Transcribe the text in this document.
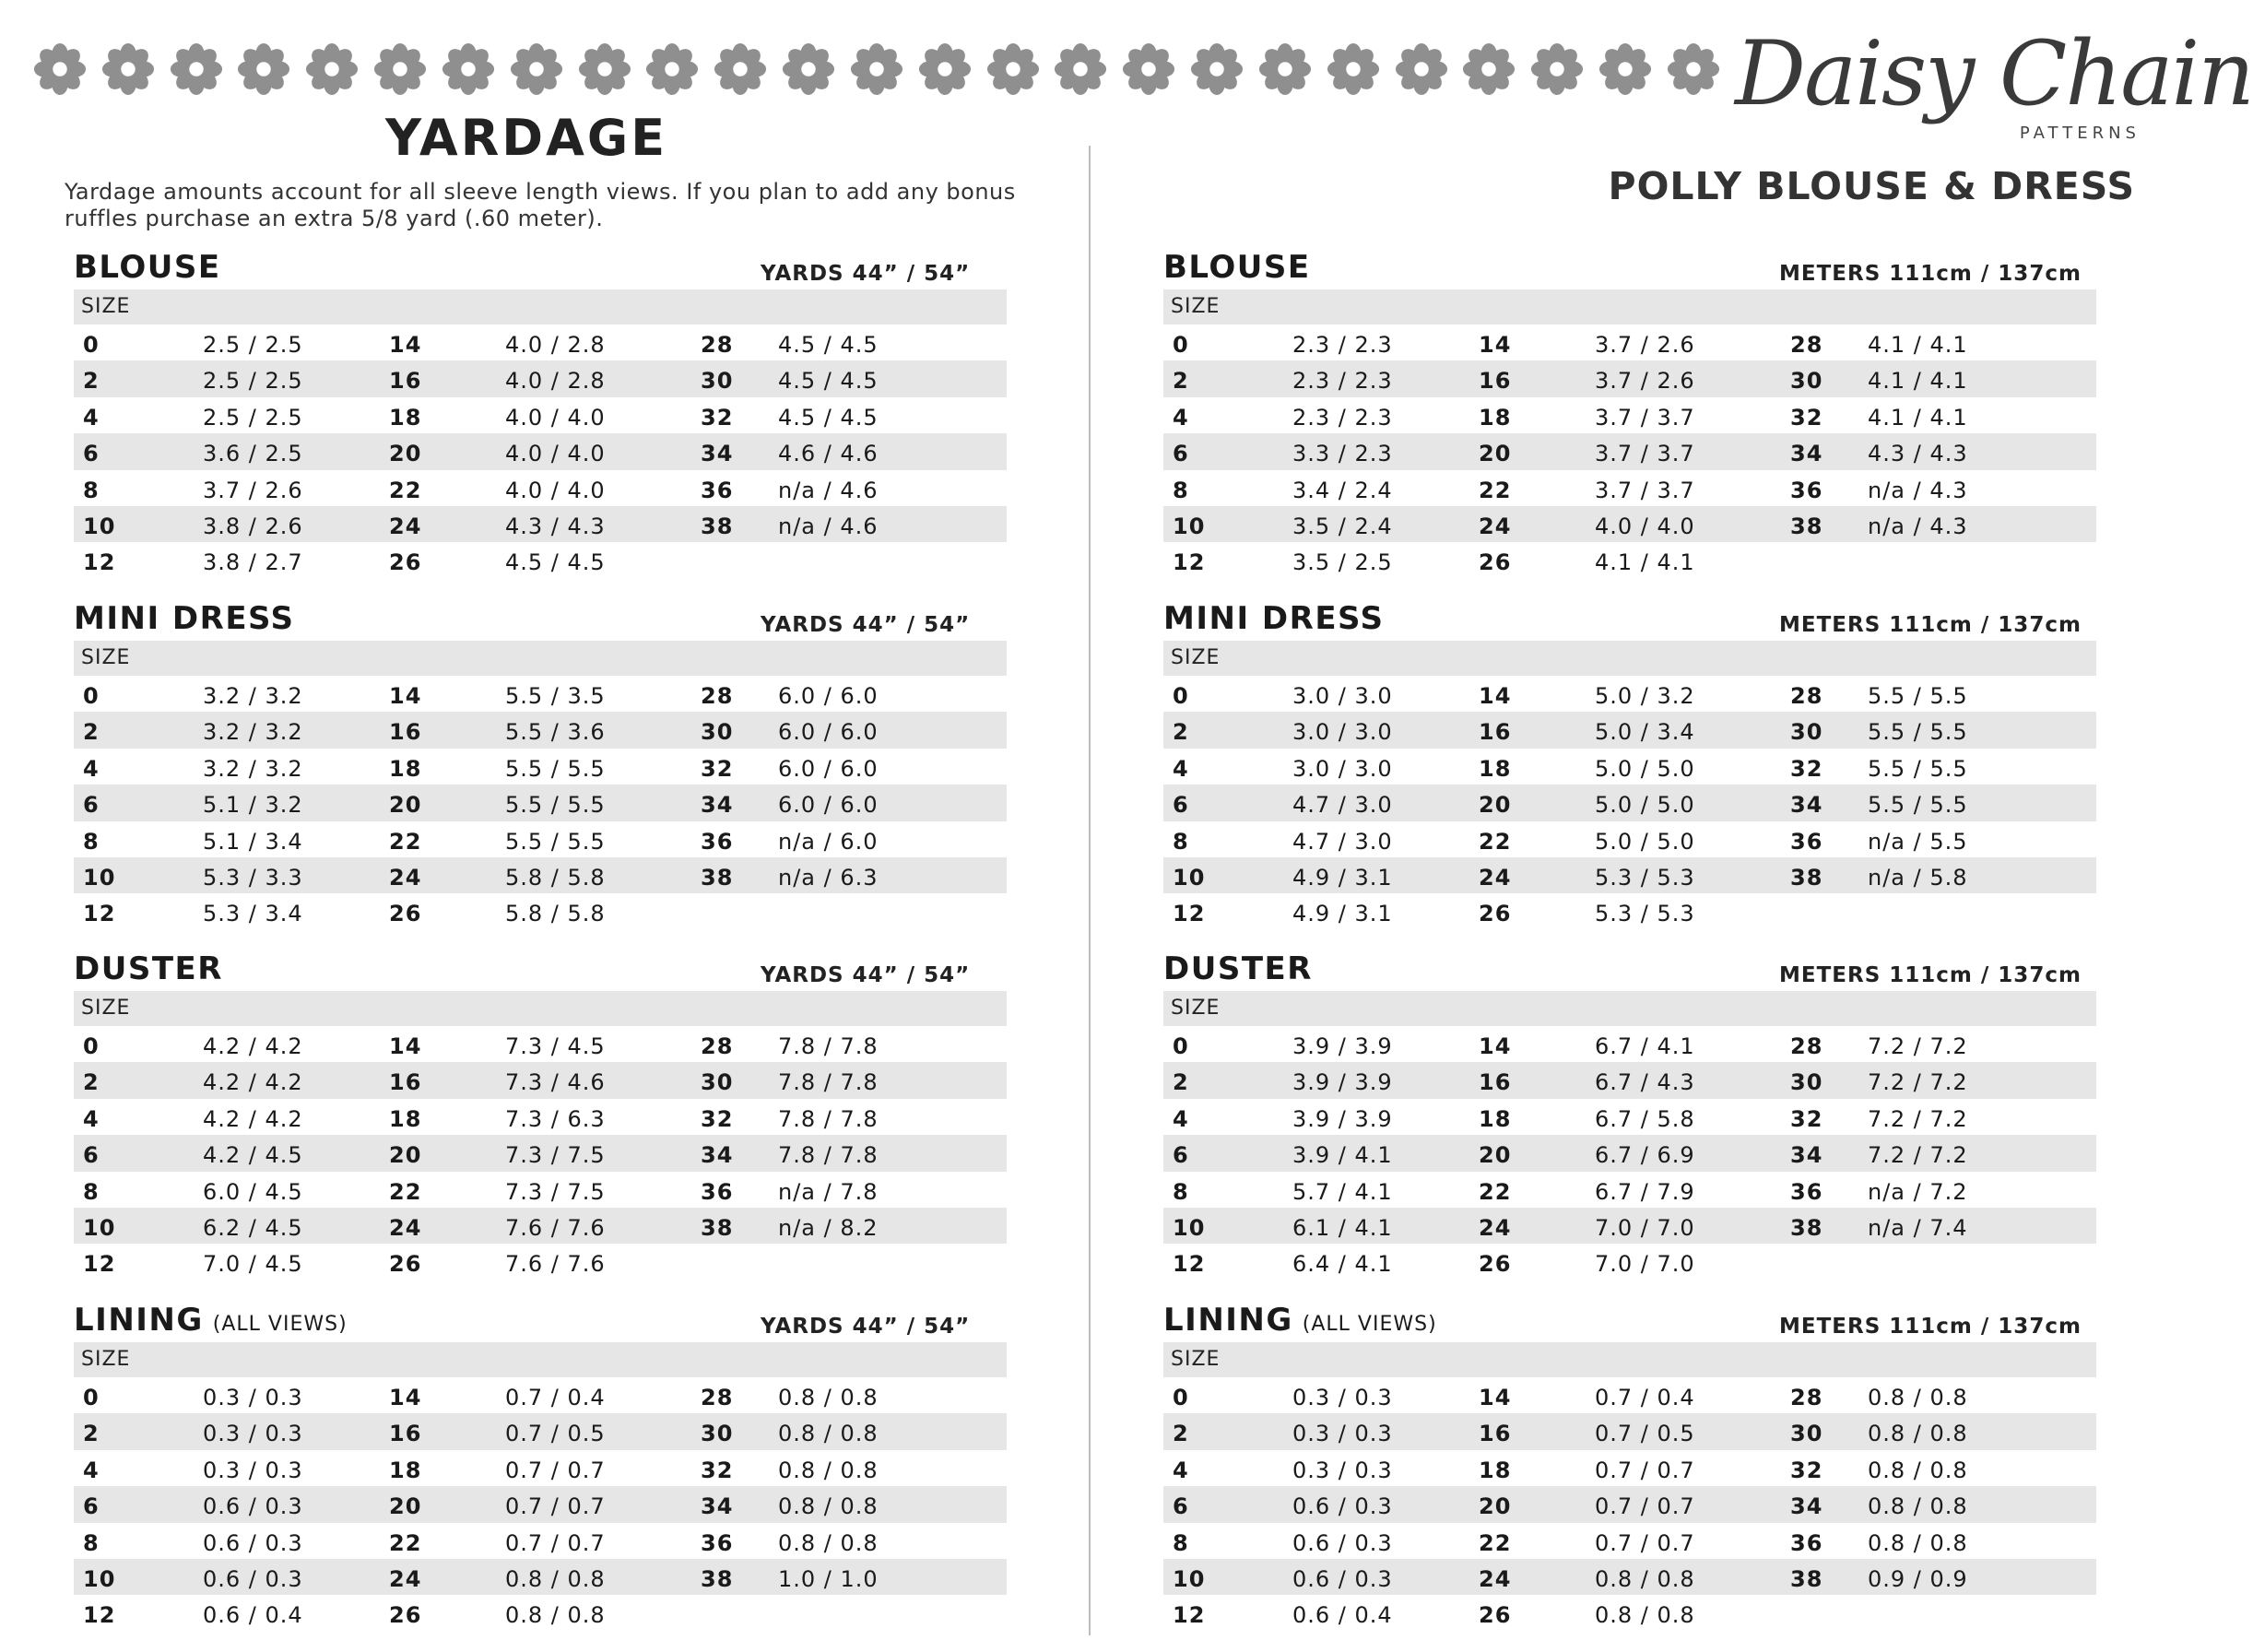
Daisy Chain
PATTERNS
YARDAGE
Yardage amounts account for all sleeve length views. If you plan to add any bonus ruffles purchase an extra 5/8 yard (.60 meter).
POLLY BLOUSE & DRESS
BLOUSE	YARDS 44” / 54”
SIZE
0	2.5 / 2.5	14	4.0 / 2.8	28 4.5 / 4.5
2	2.5 / 2.5	16	4.0 / 2.8	30 4.5 / 4.5
4	2.5 / 2.5	18	4.0 / 4.0	32 4.5 / 4.5
6	3.6 / 2.5	20	4.0 / 4.0	34 4.6 / 4.6
8	3.7 / 2.6	22	4.0 / 4.0	36 n/a / 4.6
10	3.8 / 2.6	24	4.3 / 4.3	38 n/a / 4.6
12	3.8 / 2.7	26	4.5 / 4.5
MINI DRESS	YARDS 44” / 54”
SIZE
0	3.2 / 3.2	14	5.5 / 3.5	28 6.0 / 6.0
2	3.2 / 3.2	16	5.5 / 3.6	30 6.0 / 6.0
4	3.2 / 3.2	18	5.5 / 5.5	32 6.0 / 6.0
6	5.1 / 3.2	20	5.5 / 5.5	34 6.0 / 6.0
8	5.1 / 3.4	22	5.5 / 5.5	36 n/a / 6.0
10	5.3 / 3.3	24	5.8 / 5.8	38 n/a / 6.3
12	5.3 / 3.4	26	5.8 / 5.8
DUSTER	YARDS 44” / 54”
SIZE
0	4.2 / 4.2	14	7.3 / 4.5	28 7.8 / 7.8
2	4.2 / 4.2	16	7.3 / 4.6	30 7.8 / 7.8
4	4.2 / 4.2	18	7.3 / 6.3	32 7.8 / 7.8
6	4.2 / 4.5	20	7.3 / 7.5	34 7.8 / 7.8
8	6.0 / 4.5	22	7.3 / 7.5	36 n/a / 7.8
10	6.2 / 4.5	24	7.6 / 7.6	38 n/a / 8.2
12	7.0 / 4.5	26	7.6 / 7.6
LINING (ALL VIEWS)	YARDS 44” / 54”
SIZE
0	0.3 / 0.3	14	0.7 / 0.4	28 0.8 / 0.8
2	0.3 / 0.3	16	0.7 / 0.5	30 0.8 / 0.8
4	0.3 / 0.3	18	0.7 / 0.7	32 0.8 / 0.8
6	0.6 / 0.3	20	0.7 / 0.7	34 0.8 / 0.8
8	0.6 / 0.3	22	0.7 / 0.7	36 0.8 / 0.8
10	0.6 / 0.3	24	0.8 / 0.8	38 1.0 / 1.0
12	0.6 / 0.4	26	0.8 / 0.8
BLOUSE	METERS 111cm / 137cm
SIZE
0	2.3 / 2.3	14	3.7 / 2.6	28 4.1 / 4.1
2	2.3 / 2.3	16	3.7 / 2.6	30 4.1 / 4.1
4	2.3 / 2.3	18	3.7 / 3.7	32 4.1 / 4.1
6	3.3 / 2.3	20	3.7 / 3.7	34 4.3 / 4.3
8	3.4 / 2.4	22	3.7 / 3.7	36 n/a / 4.3
10	3.5 / 2.4	24	4.0 / 4.0	38 n/a / 4.3
12	3.5 / 2.5	26	4.1 / 4.1
MINI DRESS	METERS 111cm / 137cm
SIZE
0	3.0 / 3.0	14	5.0 / 3.2	28 5.5 / 5.5
2	3.0 / 3.0	16	5.0 / 3.4	30 5.5 / 5.5
4	3.0 / 3.0	18	5.0 / 5.0	32 5.5 / 5.5
6	4.7 / 3.0	20	5.0 / 5.0	34 5.5 / 5.5
8	4.7 / 3.0	22	5.0 / 5.0	36 n/a / 5.5
10	4.9 / 3.1	24	5.3 / 5.3	38 n/a / 5.8
12	4.9 / 3.1	26	5.3 / 5.3
DUSTER	METERS 111cm / 137cm
SIZE
0	3.9 / 3.9	14	6.7 / 4.1	28 7.2 / 7.2
2	3.9 / 3.9	16	6.7 / 4.3	30 7.2 / 7.2
4	3.9 / 3.9	18	6.7 / 5.8	32 7.2 / 7.2
6	3.9 / 4.1	20	6.7 / 6.9	34 7.2 / 7.2
8	5.7 / 4.1	22	6.7 / 7.9	36 n/a / 7.2
10	6.1 / 4.1	24	7.0 / 7.0	38 n/a / 7.4
12	6.4 / 4.1	26	7.0 / 7.0
LINING (ALL VIEWS)	METERS 111cm / 137cm
SIZE
0	0.3 / 0.3	14	0.7 / 0.4	28 0.8 / 0.8
2	0.3 / 0.3	16	0.7 / 0.5	30 0.8 / 0.8
4	0.3 / 0.3	18	0.7 / 0.7	32 0.8 / 0.8
6	0.6 / 0.3	20	0.7 / 0.7	34 0.8 / 0.8
8	0.6 / 0.3	22	0.7 / 0.7	36 0.8 / 0.8
10	0.6 / 0.3	24	0.8 / 0.8	38 0.9 / 0.9
12	0.6 / 0.4	26	0.8 / 0.8
